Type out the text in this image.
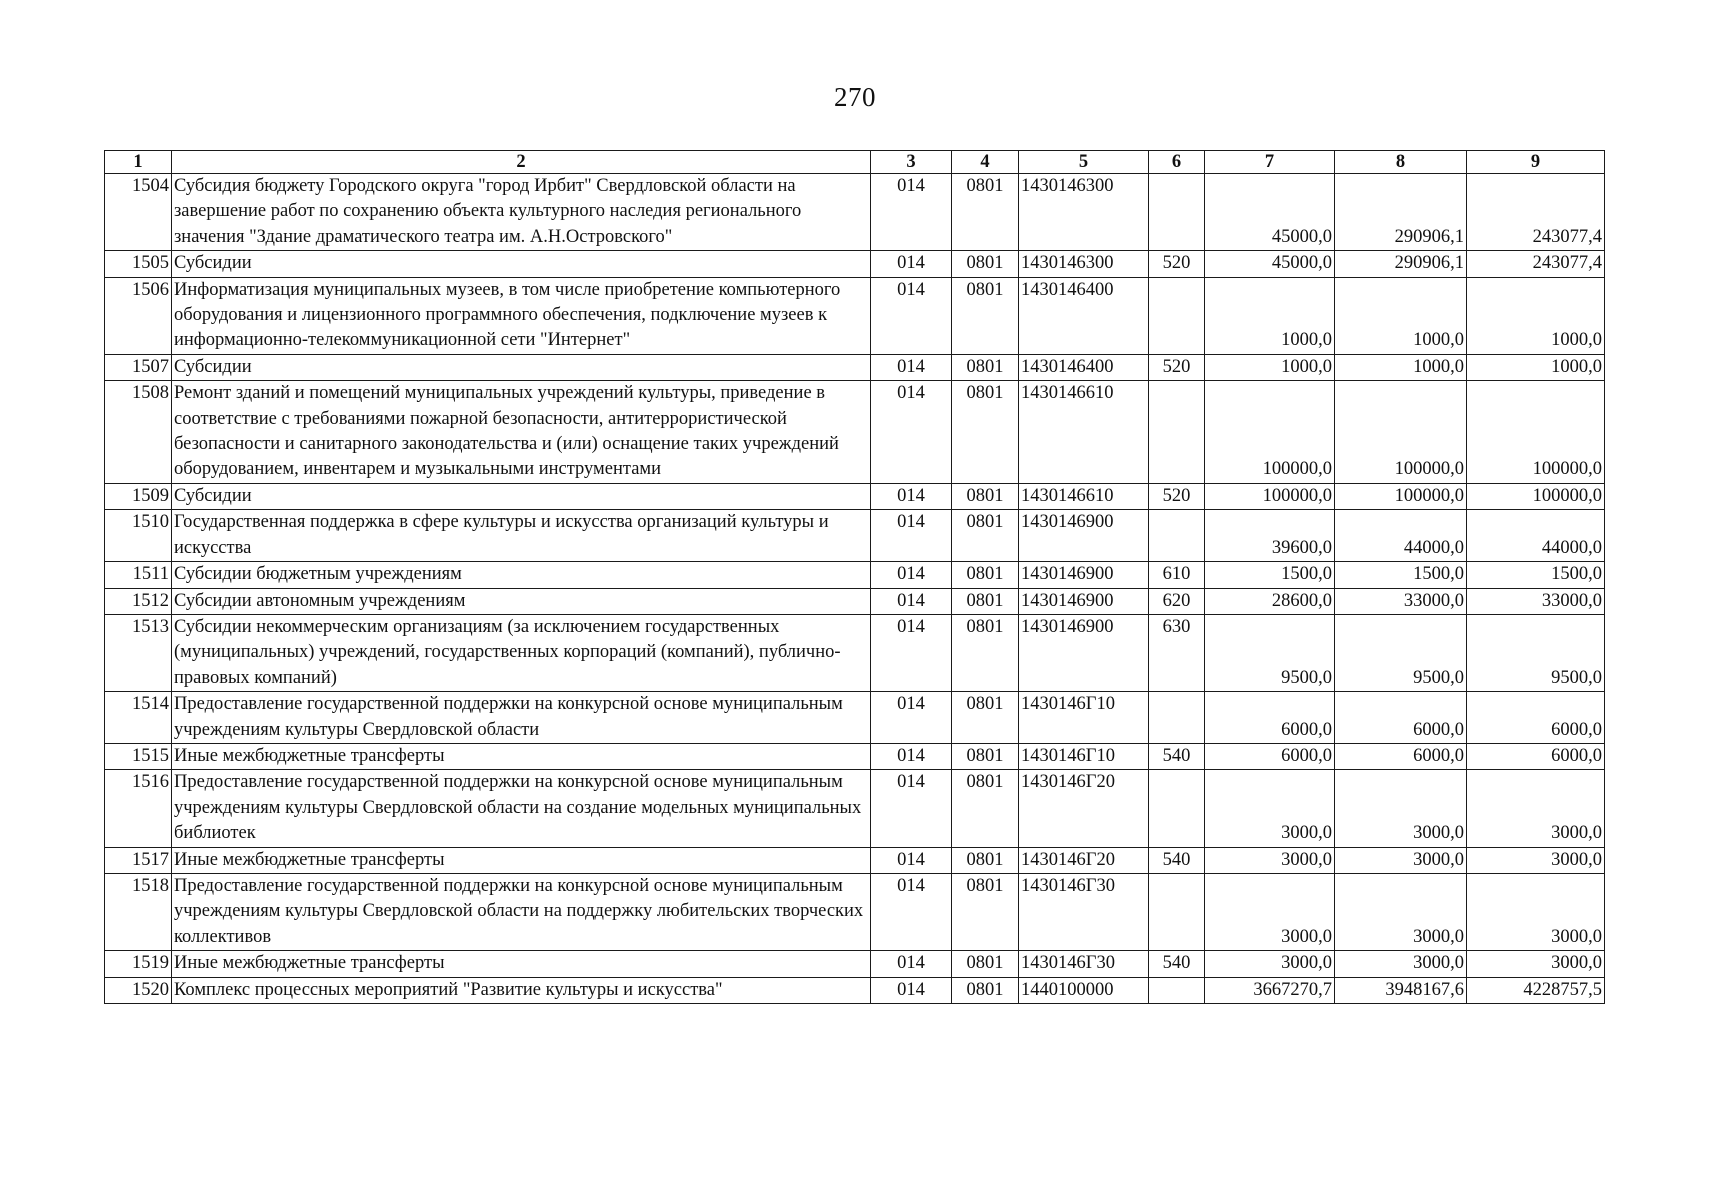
270
1	2	3	4	5	6	7	8	9
1504	Субсидия бюджету Городского округа "город Ирбит" Свердловской области на завершение работ по сохранению объекта культурного наследия регионального значения "Здание драматического театра им. А.Н.Островского"	014	0801	1430146300		45000,0	290906,1	243077,4
1505	Субсидии	014	0801	1430146300	520	45000,0	290906,1	243077,4
1506	Информатизация муниципальных музеев, в том числе приобретение компьютерного оборудования и лицензионного программного обеспечения, подключение музеев к информационно-телекоммуникационной сети "Интернет"	014	0801	1430146400		1000,0	1000,0	1000,0
1507	Субсидии	014	0801	1430146400	520	1000,0	1000,0	1000,0
1508	Ремонт зданий и помещений муниципальных учреждений культуры, приведение в соответствие с требованиями пожарной безопасности, антитеррористической безопасности и санитарного законодательства и (или) оснащение таких учреждений оборудованием, инвентарем и музыкальными инструментами	014	0801	1430146610		100000,0	100000,0	100000,0
1509	Субсидии	014	0801	1430146610	520	100000,0	100000,0	100000,0
1510	Государственная поддержка в сфере культуры и искусства организаций культуры и искусства	014	0801	1430146900		39600,0	44000,0	44000,0
1511	Субсидии бюджетным учреждениям	014	0801	1430146900	610	1500,0	1500,0	1500,0
1512	Субсидии автономным учреждениям	014	0801	1430146900	620	28600,0	33000,0	33000,0
1513	Субсидии некоммерческим организациям (за исключением государственных (муниципальных) учреждений, государственных корпораций (компаний), публично-правовых компаний)	014	0801	1430146900	630	9500,0	9500,0	9500,0
1514	Предоставление государственной поддержки на конкурсной основе муниципальным учреждениям культуры Свердловской области	014	0801	1430146Г10		6000,0	6000,0	6000,0
1515	Иные межбюджетные трансферты	014	0801	1430146Г10	540	6000,0	6000,0	6000,0
1516	Предоставление государственной поддержки на конкурсной основе муниципальным учреждениям культуры Свердловской области на создание модельных муниципальных библиотек	014	0801	1430146Г20		3000,0	3000,0	3000,0
1517	Иные межбюджетные трансферты	014	0801	1430146Г20	540	3000,0	3000,0	3000,0
1518	Предоставление государственной поддержки на конкурсной основе муниципальным учреждениям культуры Свердловской области на поддержку любительских творческих коллективов	014	0801	1430146Г30		3000,0	3000,0	3000,0
1519	Иные межбюджетные трансферты	014	0801	1430146Г30	540	3000,0	3000,0	3000,0
1520	Комплекс процессных мероприятий "Развитие культуры и искусства"	014	0801	1440100000		3667270,7	3948167,6	4228757,5
